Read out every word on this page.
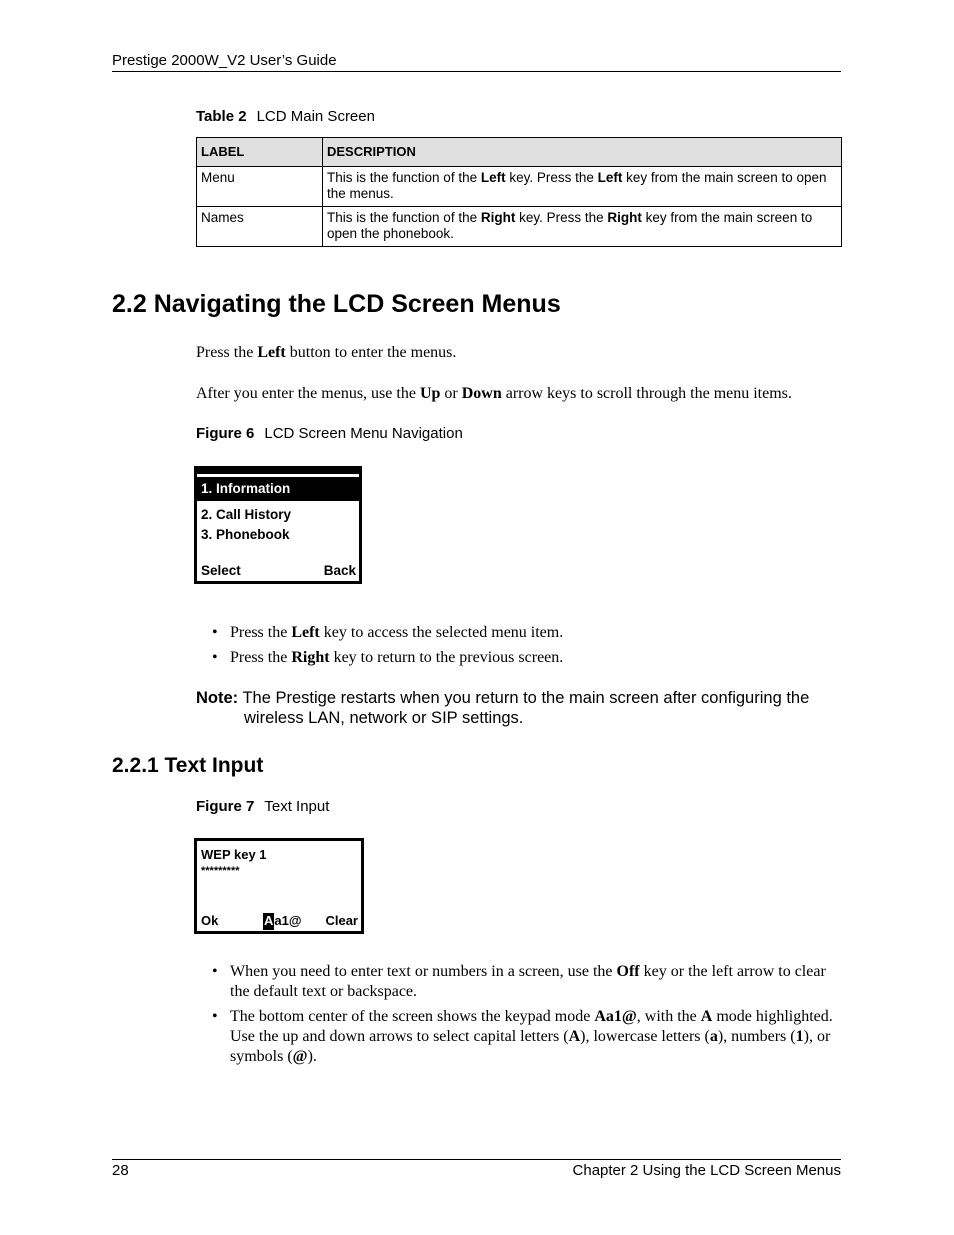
Prestige 2000W_V2 User’s Guide
Table 2 LCD Main Screen
LABEL	DESCRIPTION
Menu	This is the function of the Left key. Press the Left key from the main screen to open the menus.
Names	This is the function of the Right key. Press the Right key from the main screen to open the phonebook.
2.2 Navigating the LCD Screen Menus
Press the Left button to enter the menus.
After you enter the menus, use the Up or Down arrow keys to scroll through the menu items.
Figure 6 LCD Screen Menu Navigation
1. Information
2. Call History
3. Phonebook
Select	Back
• Press the Left key to access the selected menu item.
• Press the Right key to return to the previous screen.
Note: The Prestige restarts when you return to the main screen after configuring the
wireless LAN, network or SIP settings.
2.2.1 Text Input
Figure 7 Text Input
WEP key 1
*********
Ok	Aa1@ Clear
• When you need to enter text or numbers in a screen, use the Off key or the left arrow to clear the default text or backspace.
• The bottom center of the screen shows the keypad mode Aa1@, with the A mode highlighted. Use the up and down arrows to select capital letters (A), lowercase letters (a), numbers (1), or symbols (@).
28	Chapter 2 Using the LCD Screen Menus
